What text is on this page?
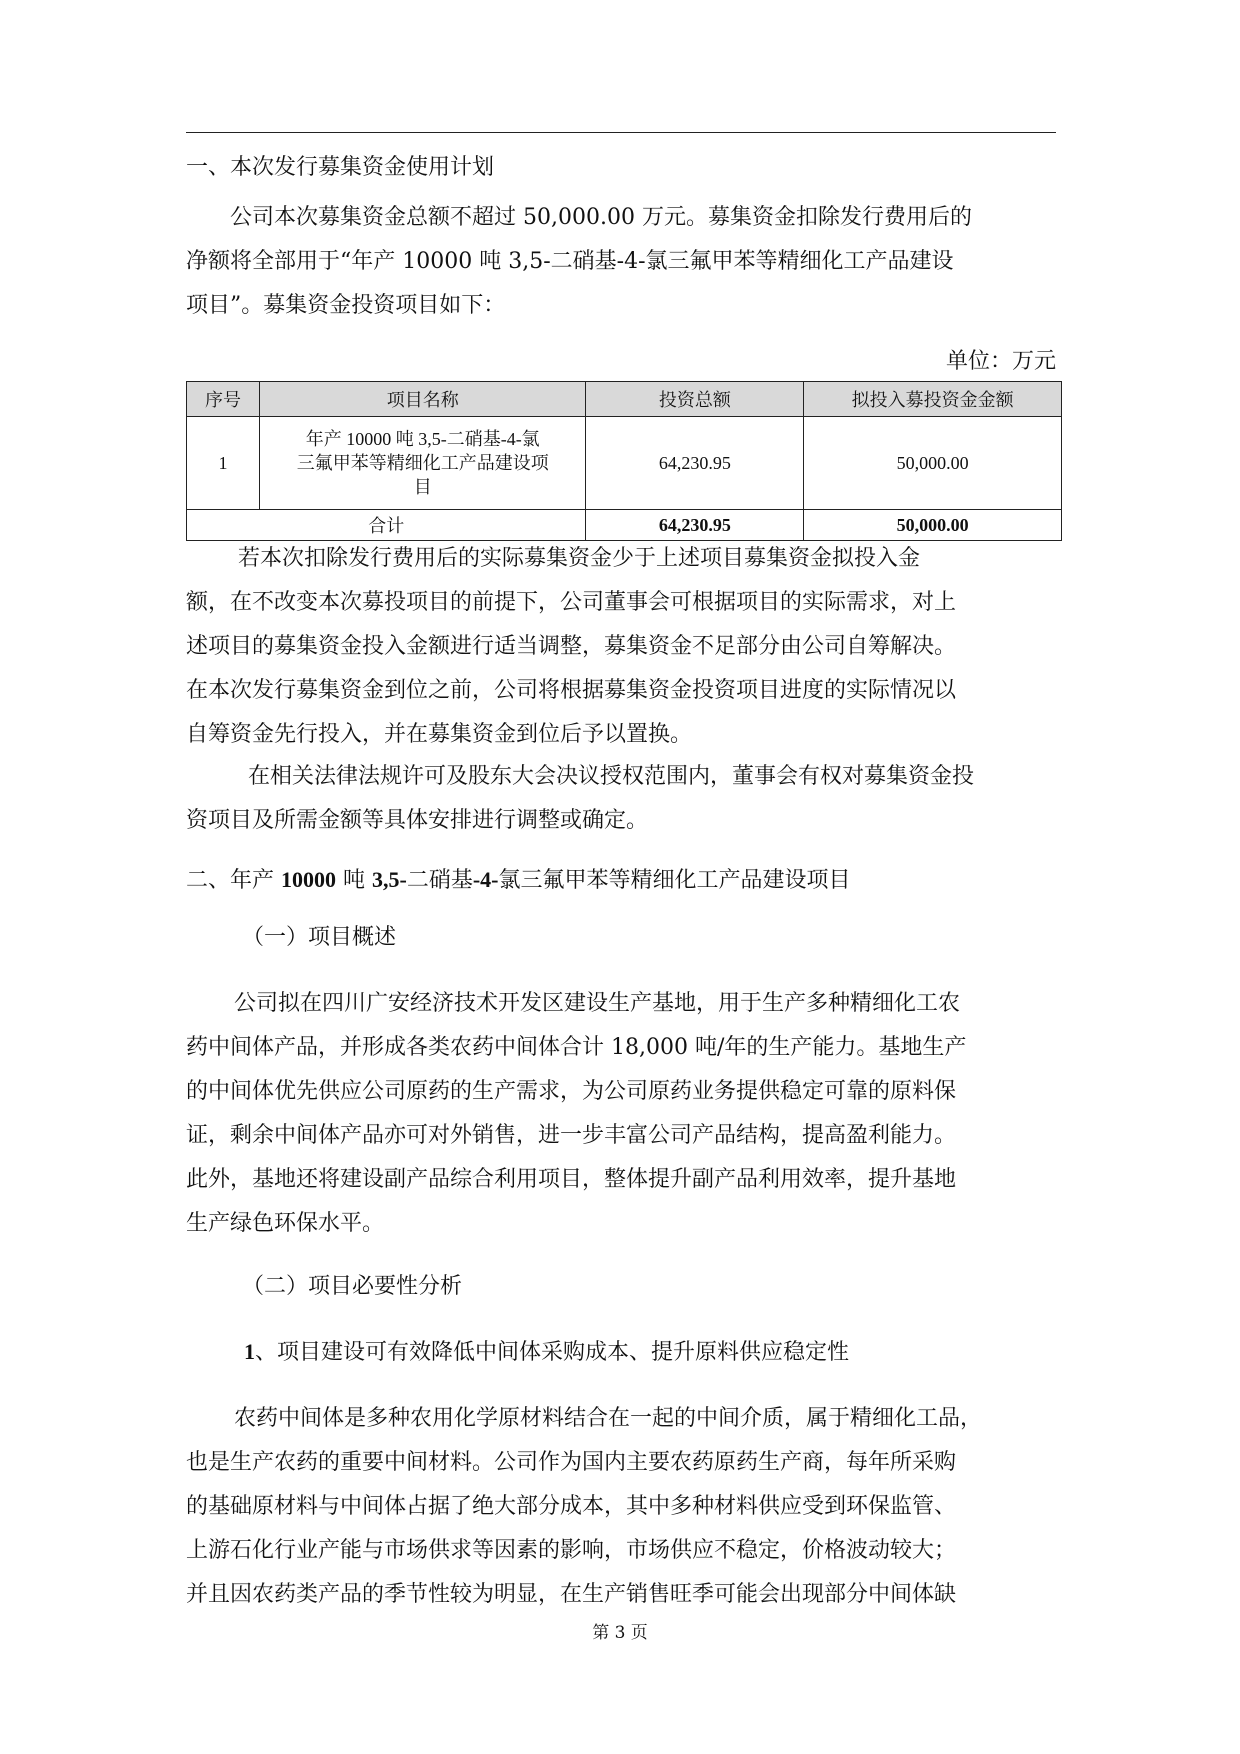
一、本次发行募集资金使用计划
公司本次募集资金总额不超过 50,000.00 万元。募集资金扣除发行费用后的
净额将全部用于“年产 10000 吨 3,5-二硝基-4-氯三氟甲苯等精细化工产品建设
项目”。募集资金投资项目如下：
单位：万元
序号	项目名称	投资总额	拟投入募投资金金额
1	年产 10000 吨 3,5-二硝基-4-氯
三氟甲苯等精细化工产品建设项
目	64,230.95	50,000.00
合计		64,230.95	50,000.00
若本次扣除发行费用后的实际募集资金少于上述项目募集资金拟投入金
额，在不改变本次募投项目的前提下，公司董事会可根据项目的实际需求，对上
述项目的募集资金投入金额进行适当调整，募集资金不足部分由公司自筹解决。
在本次发行募集资金到位之前，公司将根据募集资金投资项目进度的实际情况以
自筹资金先行投入，并在募集资金到位后予以置换。
在相关法律法规许可及股东大会决议授权范围内，董事会有权对募集资金投
资项目及所需金额等具体安排进行调整或确定。
二、年产 10000 吨 3,5-二硝基-4-氯三氟甲苯等精细化工产品建设项目
（一）项目概述
公司拟在四川广安经济技术开发区建设生产基地，用于生产多种精细化工农
药中间体产品，并形成各类农药中间体合计 18,000 吨/年的生产能力。基地生产
的中间体优先供应公司原药的生产需求，为公司原药业务提供稳定可靠的原料保
证，剩余中间体产品亦可对外销售，进一步丰富公司产品结构，提高盈利能力。
此外，基地还将建设副产品综合利用项目，整体提升副产品利用效率，提升基地
生产绿色环保水平。
（二）项目必要性分析
1、项目建设可有效降低中间体采购成本、提升原料供应稳定性
农药中间体是多种农用化学原材料结合在一起的中间介质，属于精细化工品，
也是生产农药的重要中间材料。公司作为国内主要农药原药生产商，每年所采购
的基础原材料与中间体占据了绝大部分成本，其中多种材料供应受到环保监管、
上游石化行业产能与市场供求等因素的影响，市场供应不稳定，价格波动较大；
并且因农药类产品的季节性较为明显，在生产销售旺季可能会出现部分中间体缺
第 3 页
